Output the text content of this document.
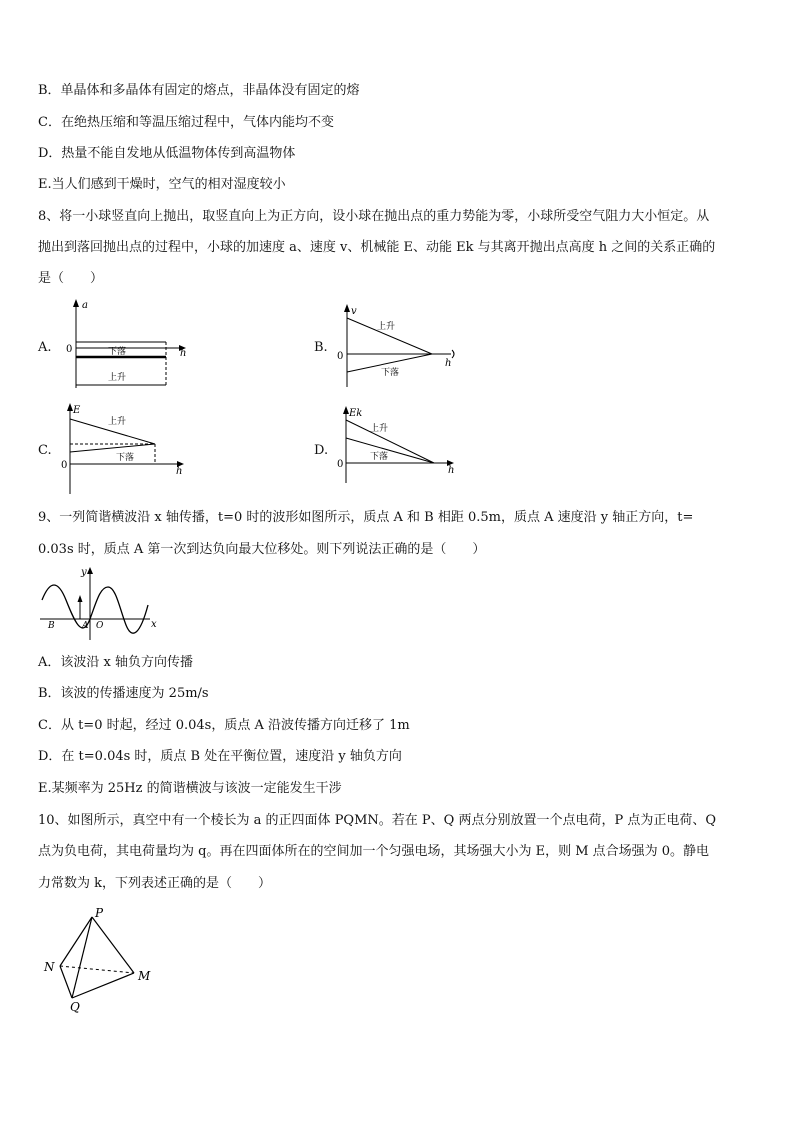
B．单晶体和多晶体有固定的熔点，非晶体没有固定的熔
C．在绝热压缩和等温压缩过程中，气体内能均不变
D．热量不能自发地从低温物体传到高温物体
E.当人们感到干燥时，空气的相对湿度较小
8、将一小球竖直向上抛出，取竖直向上为正方向，设小球在抛出点的重力势能为零，小球所受空气阻力大小恒定。从
抛出到落回抛出点的过程中，小球的加速度 a、速度 v、机械能 E、动能 Ek 与其离开抛出点高度 h 之间的关系正确的
是（　　）
A.
a
h
0	下落
上升
B.
v
h
0
上升
下落
C.
E
h
0
上升
下落	D.
Ek
h
0
上升
下落
9、一列简谐横波沿 x 轴传播，t=0 时的波形如图所示，质点 A 和 B 相距 0.5m，质点 A 速度沿 y 轴正方向，t=
0.03s 时，质点 A 第一次到达负向最大位移处。则下列说法正确的是（　　）
y
x
B	A O
A．该波沿 x 轴负方向传播
B．该波的传播速度为 25m/s
C．从 t=0 时起，经过 0.04s，质点 A 沿波传播方向迁移了 1m
D．在 t=0.04s 时，质点 B 处在平衡位置，速度沿 y 轴负方向
E.某频率为 25Hz 的简谐横波与该波一定能发生干涉
10、如图所示，真空中有一个棱长为 a 的正四面体 PQMN。若在 P、Q 两点分别放置一个点电荷，P 点为正电荷、Q
点为负电荷，其电荷量均为 q。再在四面体所在的空间加一个匀强电场，其场强大小为 E，则 M 点合场强为 0。静电
力常数为 k，下列表述正确的是（　　）
P
N
M
Q
